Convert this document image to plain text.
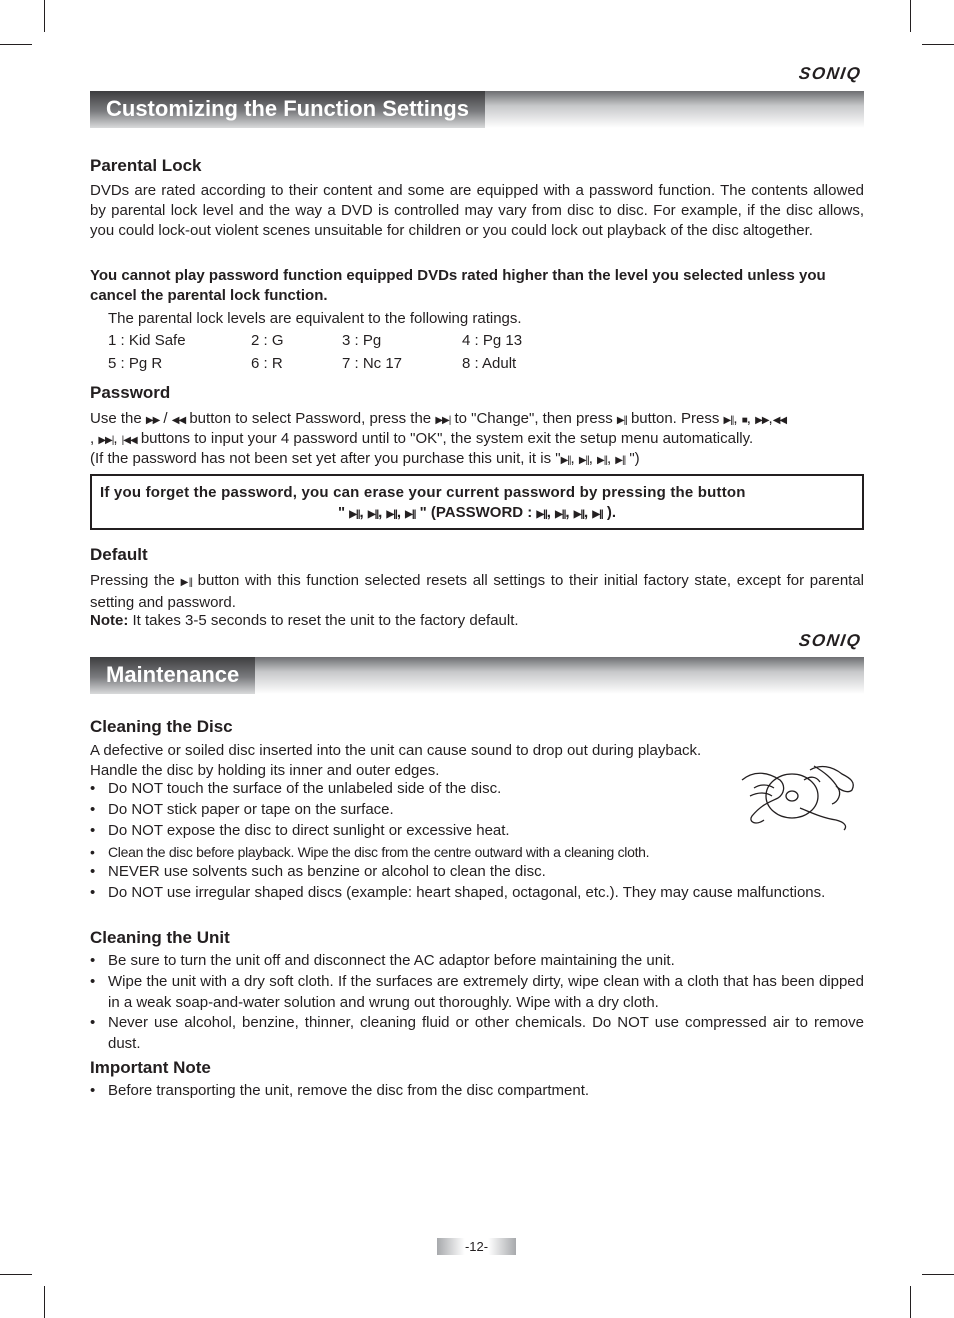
SONIQ
Customizing the Function Settings
Parental Lock
DVDs are rated according to their content and some are equipped with a password function. The contents allowed by parental lock level and the way a DVD is controlled may vary from disc to disc. For example, if the disc allows, you could lock-out violent scenes unsuitable for children or you could lock out playback of the disc altogether.
You cannot play password function equipped DVDs rated higher than the level you selected unless you cancel the parental lock function.
The parental lock levels are equivalent to the following ratings.
1 : Kid Safe	2 : G	3 : Pg	4 : Pg 13
5 : Pg R	6 : R	7 : Nc 17	8 : Adult
Password
Use the ▶▶ / ◀◀ button to select Password, press the ▶▶| to "Change", then press ▶|| button. Press ▶||, ■, ▶▶,◀◀
, ▶▶|, |◀◀ buttons to input your 4 password until to "OK", the system exit the setup menu automatically.
(If the password has not been set yet after you purchase this unit, it is "▶||, ▶||, ▶||, ▶|| ")
If you forget the password, you can erase your current password by pressing the button
" ▶||, ▶||, ▶||, ▶|| " (PASSWORD : ▶||, ▶||, ▶||, ▶|| ).
Default
Pressing the ▶|| button with this function selected resets all settings to their initial factory state, except for parental setting and password.
Note: It takes 3-5 seconds to reset the unit to the factory default.
SONIQ
Maintenance
Cleaning the Disc
A defective or soiled disc inserted into the unit can cause sound to drop out during playback.
Handle the disc by holding its inner and outer edges.
• Do NOT touch the surface of the unlabeled side of the disc.
• Do NOT stick paper or tape on the surface.
• Do NOT expose the disc to direct sunlight or excessive heat.
• Clean the disc before playback. Wipe the disc from the centre outward with a cleaning cloth.
• NEVER use solvents such as benzine or alcohol to clean the disc.
• Do NOT use irregular shaped discs (example: heart shaped, octagonal, etc.). They may cause malfunctions.
Cleaning the Unit
• Be sure to turn the unit off and disconnect the AC adaptor before maintaining the unit.
• Wipe the unit with a dry soft cloth. If the surfaces are extremely dirty, wipe clean with a cloth that has been dipped in a weak soap-and-water solution and wrung out thoroughly. Wipe with a dry cloth.
• Never use alcohol, benzine, thinner, cleaning fluid or other chemicals. Do NOT use compressed air to remove dust.
Important Note
• Before transporting the unit, remove the disc from the disc compartment.
-12-
